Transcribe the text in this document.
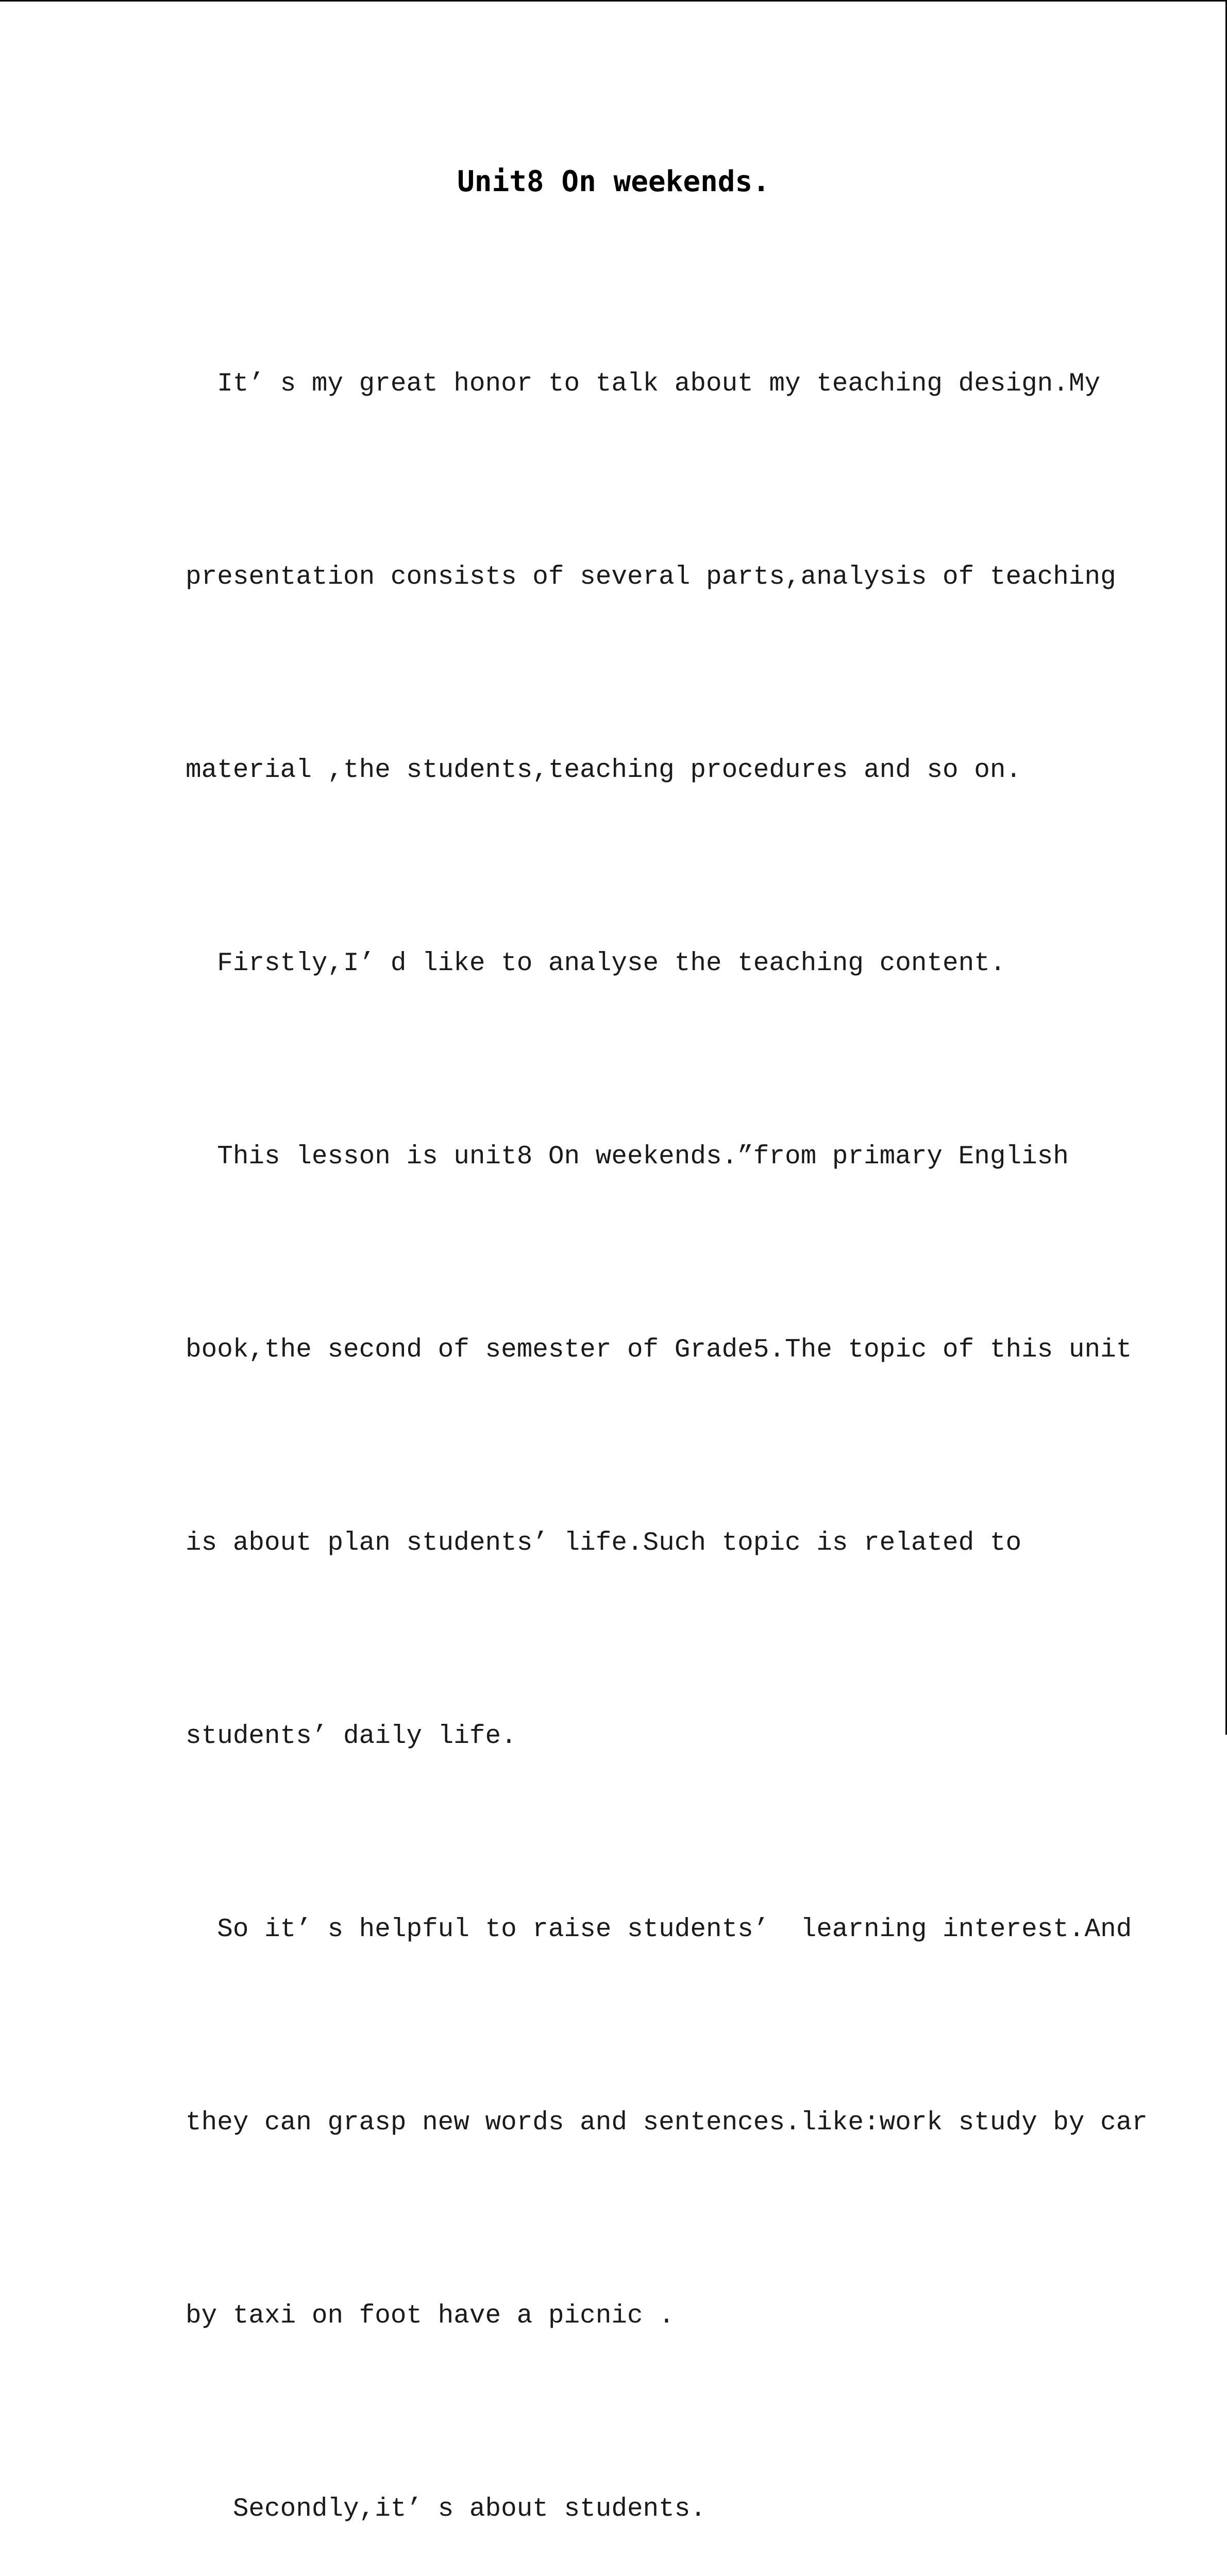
Unit8 On weekends.

It’ s my great honor to talk about my teaching design.My

presentation consists of several parts,analysis of teaching

material ,the students,teaching procedures and so on.

Firstly,I’ d like to analyse the teaching content.

This lesson is unit8 On weekends.”from primary English

book,the second of semester of Grade5.The topic of this unit

is about plan students’ life.Such topic is related to

students’ daily life.

So it’ s helpful to raise students’  learning interest.And

they can grasp new words and sentences.like:work study by car

by taxi on foot have a picnic .

Secondly,it’ s about students.
